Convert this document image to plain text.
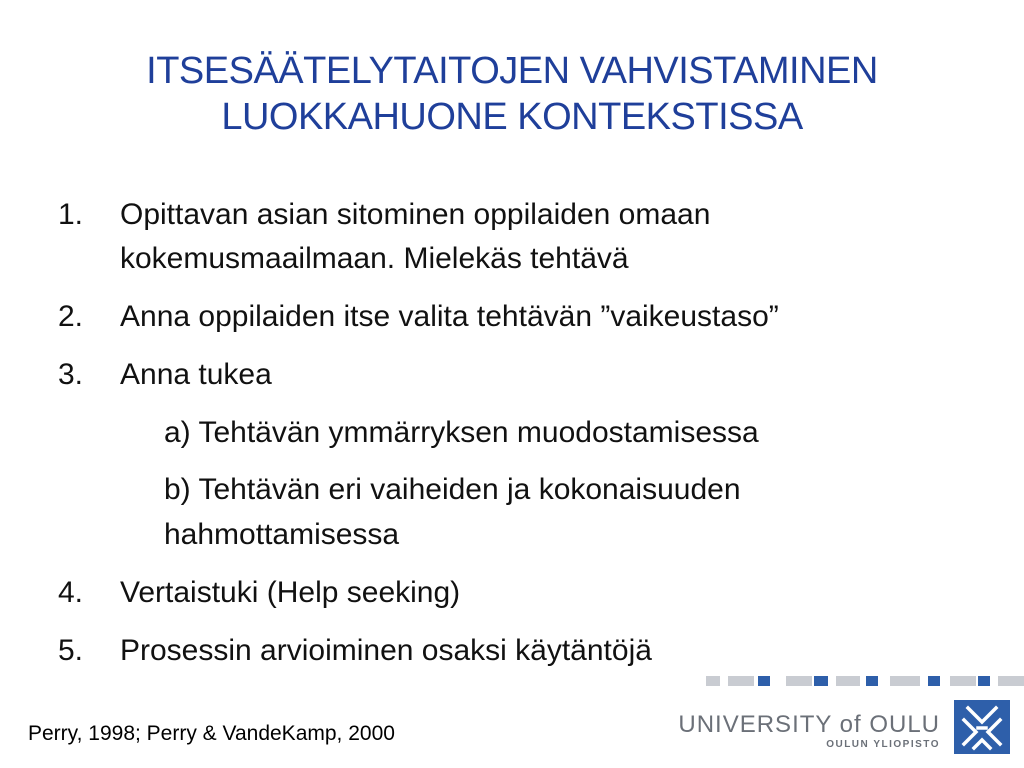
ITSESÄÄTELYTAITOJEN VAHVISTAMINEN
LUOKKAHUONE KONTEKSTISSA
1. Opittavan asian sitominen oppilaiden omaan
kokemusmaailmaan. Mielekäs tehtävä
2. Anna oppilaiden itse valita tehtävän ”vaikeustaso”
3. Anna tukea
a) Tehtävän ymmärryksen muodostamisessa
b) Tehtävän eri vaiheiden ja kokonaisuuden
hahmottamisessa
4. Vertaistuki (Help seeking)
5. Prosessin arvioiminen osaksi käytäntöjä
Perry, 1998; Perry & VandeKamp, 2000	UNIVERSITY of OULU
OULUN YLIOPISTO
